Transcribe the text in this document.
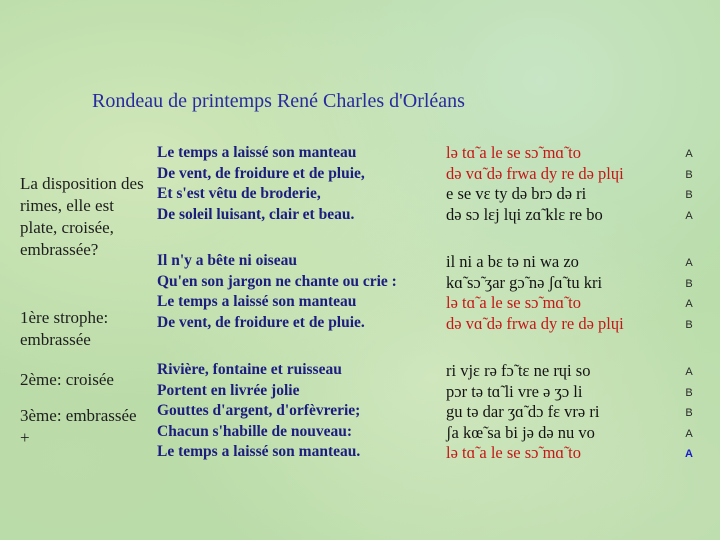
Rondeau de printemps René Charles d'Orléans
La disposition des rimes, elle est plate, croisée, embrassée?
1ère strophe: embrassée
2ème: croisée
3ème: embrassée +
Le temps a laissé son manteau
De vent, de froidure et de pluie,
Et s'est vêtu de broderie,
De soleil luisant, clair et beau.
lə tɑ̃ a le se sɔ̃ mɑ̃ to
də vɑ̃ də frwa dy re də plɥi
e se vɛ ty də brɔ də ri
də sɔ lɛj lɥi zɑ̃ klɛ re bo
A
B
B
A
Il n'y a bête ni oiseau
Qu'en son jargon ne chante ou crie :
Le temps a laissé son manteau
De vent, de froidure et de pluie.
il ni a bɛ tə ni wa zo
kɑ̃ sɔ̃ ʒar gɔ̃ nə ʃɑ̃ tu kri
lə tɑ̃ a le se sɔ̃ mɑ̃ to
də vɑ̃ də frwa dy re də plɥi
A
B
A
B
Rivière, fontaine et ruisseau
Portent en livrée jolie
Gouttes d'argent, d'orfèvrerie;
Chacun s'habille de nouveau:
Le temps a laissé son manteau.
ri vjɛ rə fɔ̃ tɛ ne rɥi so
pɔr tə tɑ̃ li vre ə ʒɔ li
gu tə dar ʒɑ̃ dɔ fɛ vrə ri
ʃa kœ̃ sa bi jə də nu vo
lə tɑ̃ a le se sɔ̃ mɑ̃ to
A
B
B
A
A
